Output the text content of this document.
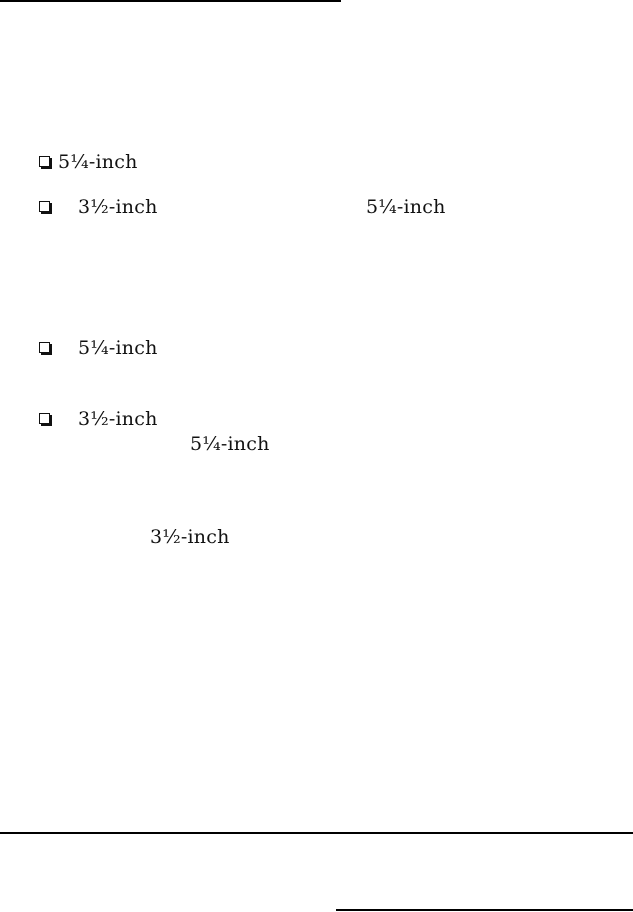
5¼-inch
3½-inch	5¼-inch
5¼-inch
3½-inch
5¼-inch
3½-inch
